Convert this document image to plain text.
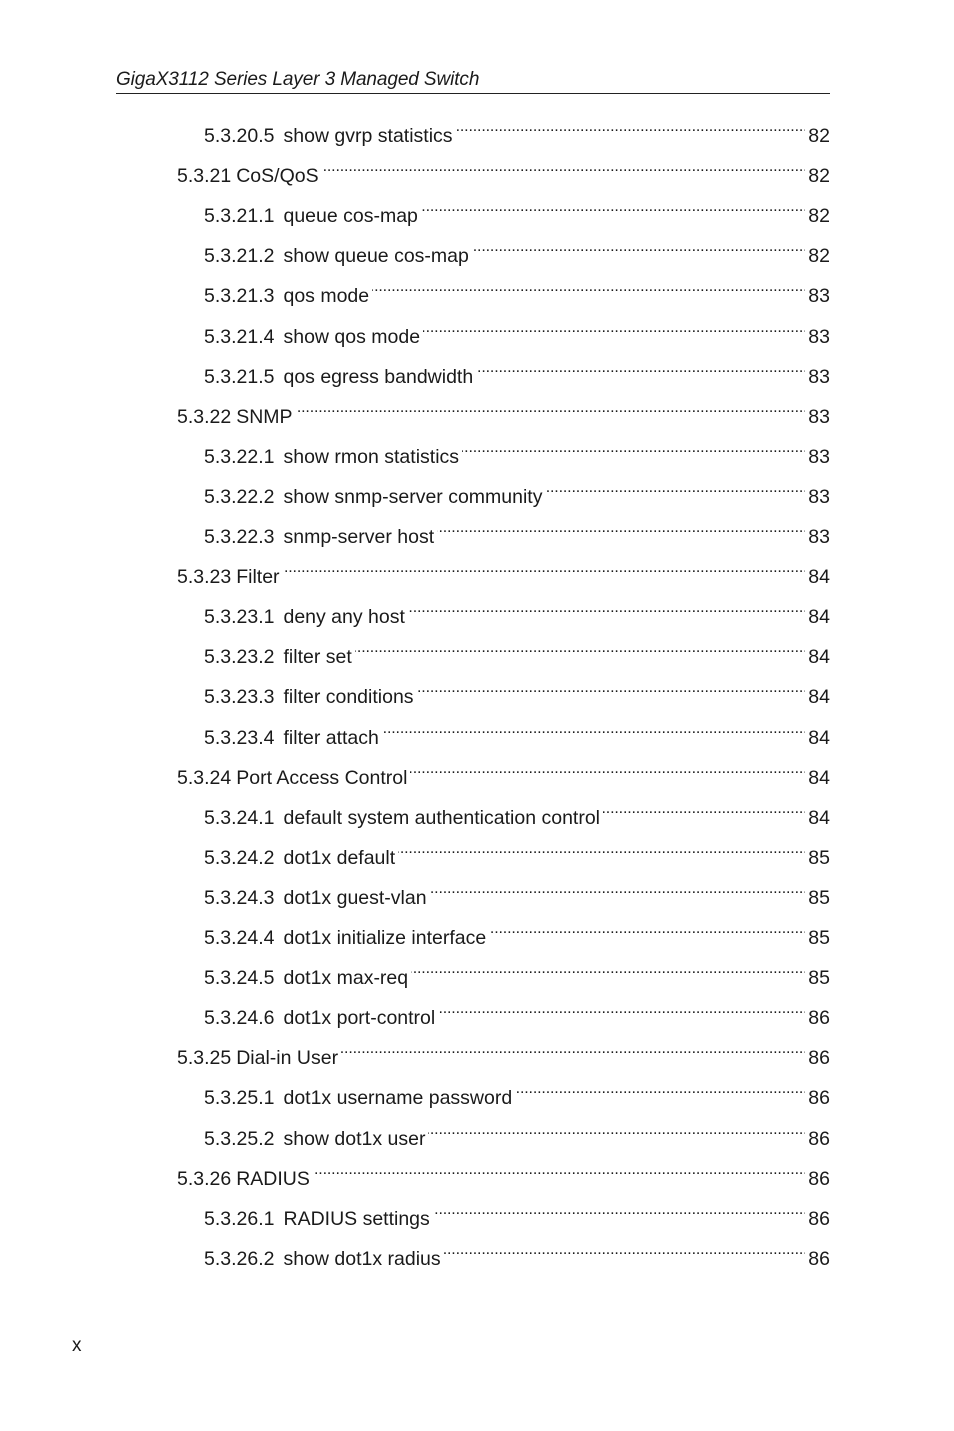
GigaX3112 Series Layer 3 Managed Switch
5.3.20.5 show gvrp statistics . . .	82
5.3.21 CoS/QoS . . .	82
5.3.21.1 queue cos-map . . .	82
5.3.21.2 show queue cos-map . . .	82
5.3.21.3 qos mode . . .	83
5.3.21.4 show qos mode . . .	83
5.3.21.5 qos egress bandwidth . . .	83
5.3.22 SNMP . . .	83
5.3.22.1 show rmon statistics . . .	83
5.3.22.2 show snmp-server community . . .	83
5.3.22.3 snmp-server host . . .	83
5.3.23 Filter . . .	84
5.3.23.1 deny any host . . .	84
5.3.23.2 filter set . . .	84
5.3.23.3 filter conditions . . .	84
5.3.23.4 filter attach . . .	84
5.3.24 Port Access Control . . .	84
5.3.24.1 default system authentication control . . .	84
5.3.24.2 dot1x default . . .	85
5.3.24.3 dot1x guest-vlan . . .	85
5.3.24.4 dot1x initialize interface . . .	85
5.3.24.5 dot1x max-req . . .	85
5.3.24.6 dot1x port-control . . .	86
5.3.25 Dial-in User . . .	86
5.3.25.1 dot1x username password . . .	86
5.3.25.2 show dot1x user . . .	86
5.3.26 RADIUS . . .	86
5.3.26.1 RADIUS settings . . .	86
5.3.26.2 show dot1x radius . . .	86
x
